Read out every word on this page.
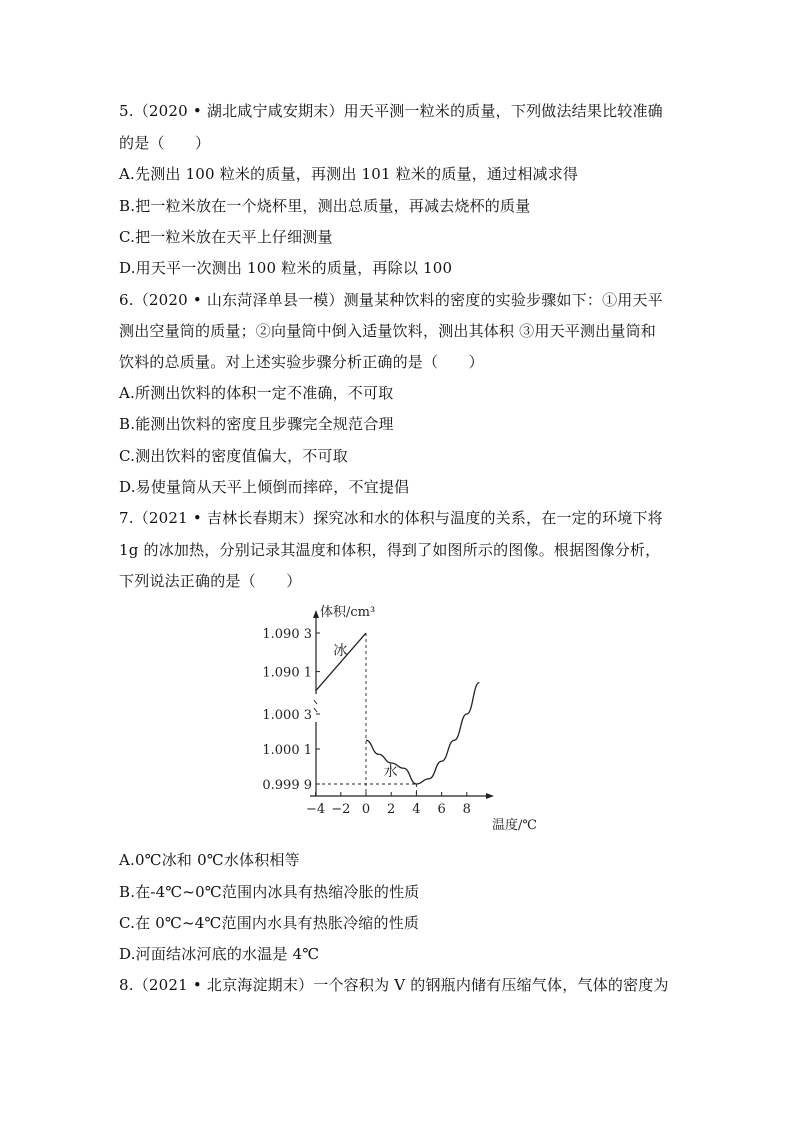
5.（2020 • 湖北咸宁咸安期末）用天平测一粒米的质量，下列做法结果比较准确
的是（　　）
A.先测出 100 粒米的质量，再测出 101 粒米的质量，通过相减求得
B.把一粒米放在一个烧杯里，测出总质量，再减去烧杯的质量
C.把一粒米放在天平上仔细测量
D.用天平一次测出 100 粒米的质量，再除以 100
6.（2020 • 山东菏泽单县一模）测量某种饮料的密度的实验步骤如下：①用天平
测出空量筒的质量；②向量筒中倒入适量饮料，测出其体积 ③用天平测出量筒和
饮料的总质量。对上述实验步骤分析正确的是（　　）
A.所测出饮料的体积一定不准确，不可取
B.能测出饮料的密度且步骤完全规范合理
C.测出饮料的密度值偏大，不可取
D.易使量筒从天平上倾倒而摔碎，不宜提倡
7.（2021 • 吉林长春期末）探究冰和水的体积与温度的关系，在一定的环境下将
1g 的冰加热，分别记录其温度和体积，得到了如图所示的图像。根据图像分析，
下列说法正确的是（　　）
1.090 3
1.090 1
1.000 3
1.000 1
0.999 9
−4 −2 0 2 4 6 8
体积/cm³
温度/℃
冰
水
A.0℃冰和 0℃水体积相等
B.在-4℃~0℃范围内冰具有热缩冷胀的性质
C.在 0℃~4℃范围内水具有热胀冷缩的性质
D.河面结冰河底的水温是 4℃
8.（2021 • 北京海淀期末）一个容积为 V 的钢瓶内储有压缩气体，气体的密度为
